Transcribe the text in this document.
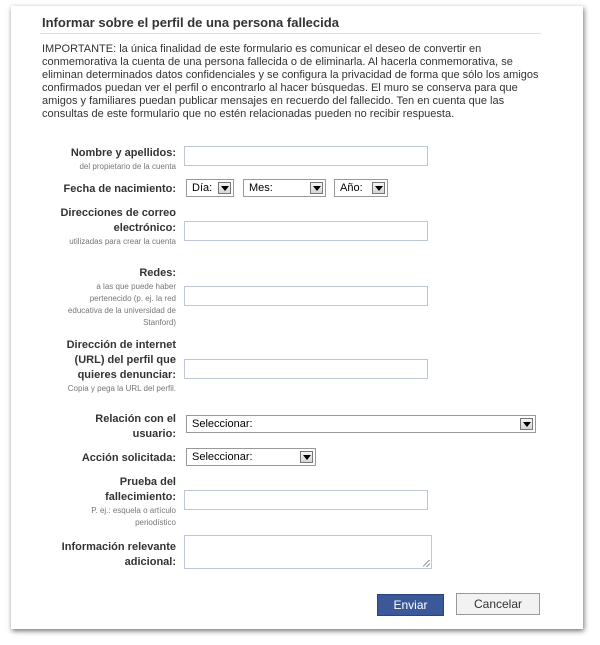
Informar sobre el perfil de una persona fallecida
IMPORTANTE: la única finalidad de este formulario es comunicar el deseo de convertir en conmemorativa la cuenta de una persona fallecida o de eliminarla. Al hacerla conmemorativa, se eliminan determinados datos confidenciales y se configura la privacidad de forma que sólo los amigos confirmados puedan ver el perfil o encontrarlo al hacer búsquedas. El muro se conserva para que amigos y familiares puedan publicar mensajes en recuerdo del fallecido. Ten en cuenta que las consultas de este formulario que no estén relacionadas pueden no recibir respuesta.
Nombre y apellidos:
del propietario de la cuenta
Fecha de nacimiento:	Día:	Mes:	Año:
Direcciones de correo electrónico:
utilizadas para crear la cuenta
Redes:
a las que puede haber pertenecido (p. ej. la red educativa de la universidad de Stanford)
Dirección de internet (URL) del perfil que quieres denunciar:
Copia y pega la URL del perfil.
Relación con el usuario:
Seleccionar:
Acción solicitada:	Seleccionar:
Prueba del fallecimiento:
P. ej.: esquela o artículo periodístico
Información relevante adicional:
Enviar	Cancelar
